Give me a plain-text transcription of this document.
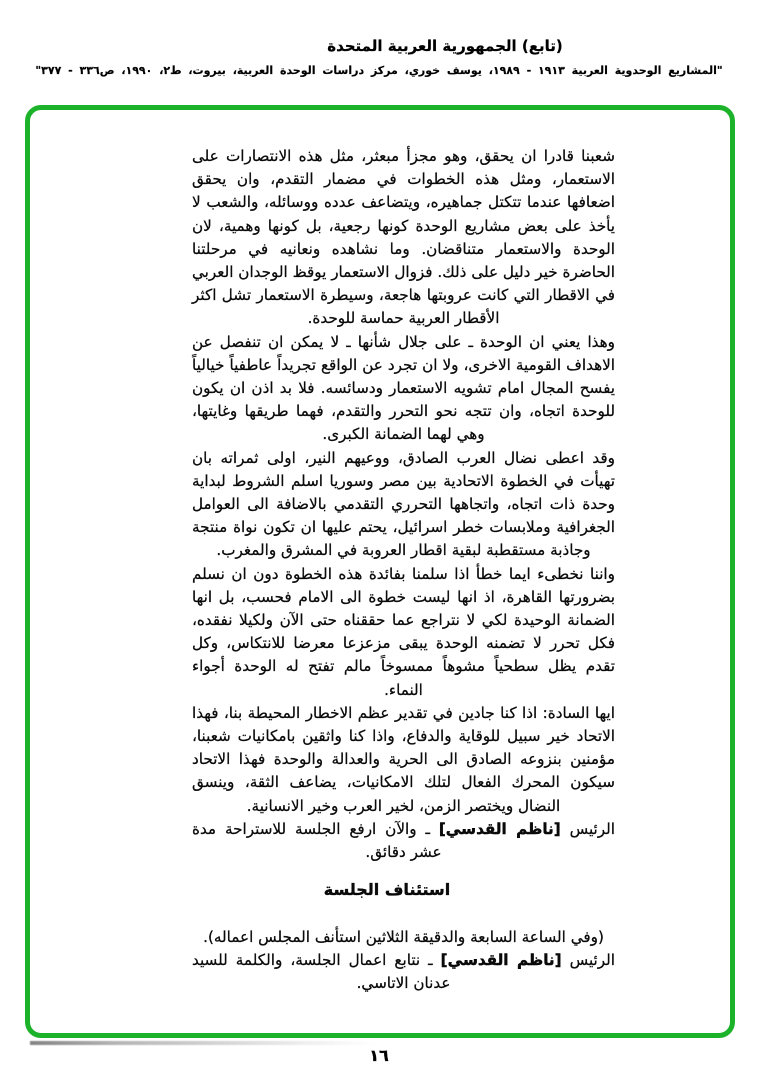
(تابع) الجمهورية العربية المتحدة
"المشاريع الوحدوية العربية ١٩١٣ - ١٩٨٩، يوسف خوري، مركز دراسات الوحدة العربية، بيروت، ط٢، ١٩٩٠، ص٣٣٦ - ٣٧٧"

شعبنا قادرا ان يحقق، وهو مجزأ مبعثر، مثل هذه الانتصارات على الاستعمار، ومثل هذه الخطوات في مضمار التقدم، وان يحقق اضعافها عندما تتكتل جماهيره، ويتضاعف عدده ووسائله، والشعب لا يأخذ على بعض مشاريع الوحدة كونها رجعية، بل كونها وهمية، لان الوحدة والاستعمار متناقضان. وما نشاهده ونعانيه في مرحلتنا الحاضرة خير دليل على ذلك. فزوال الاستعمار يوقظ الوجدان العربي في الاقطار التي كانت عروبتها هاجعة، وسيطرة الاستعمار تشل اكثر الأقطار العربية حماسة للوحدة.

وهذا يعني ان الوحدة ـ على جلال شأنها ـ لا يمكن ان تنفصل عن الاهداف القومية الاخرى، ولا ان تجرد عن الواقع تجريداً عاطفياً خيالياً يفسح المجال امام تشويه الاستعمار ودسائسه. فلا بد اذن ان يكون للوحدة اتجاه، وان تتجه نحو التحرر والتقدم، فهما طريقها وغايتها، وهي لهما الضمانة الكبرى.

وقد اعطى نضال العرب الصادق، ووعيهم النير، اولى ثمراته بان تهيأت في الخطوة الاتحادية بين مصر وسوريا اسلم الشروط لبداية وحدة ذات اتجاه، واتجاهها التحرري التقدمي بالاضافة الى العوامل الجغرافية وملابسات خطر اسرائيل، يحتم عليها ان تكون نواة منتجة وجاذبة مستقطبة لبقية اقطار العروبة في المشرق والمغرب.

واننا نخطىء ايما خطأ اذا سلمنا بفائدة هذه الخطوة دون ان نسلم بضرورتها القاهرة، اذ انها ليست خطوة الى الامام فحسب، بل انها الضمانة الوحيدة لكي لا نتراجع عما حققناه حتى الآن ولكيلا نفقده، فكل تحرر لا تضمنه الوحدة يبقى مزعزعا معرضا للانتكاس، وكل تقدم يظل سطحياً مشوهاً ممسوخاً مالم تفتح له الوحدة أجواء النماء.

ايها السادة: اذا كنا جادين في تقدير عظم الاخطار المحيطة بنا، فهذا الاتحاد خير سبيل للوقاية والدفاع، واذا كنا واثقين بامكانيات شعبنا، مؤمنين بنزوعه الصادق الى الحرية والعدالة والوحدة فهذا الاتحاد سيكون المحرك الفعال لتلك الامكانيات، يضاعف الثقة، وينسق النضال ويختصر الزمن، لخير العرب وخير الانسانية.

الرئيس [ناظم القدسي] ـ والآن ارفع الجلسة للاستراحة مدة عشر دقائق.

استئناف الجلسة

(وفي الساعة السابعة والدقيقة الثلاثين استأنف المجلس اعماله).

الرئيس [ناظم القدسي] ـ نتابع اعمال الجلسة، والكلمة للسيد عدنان الاتاسي.

١٦
